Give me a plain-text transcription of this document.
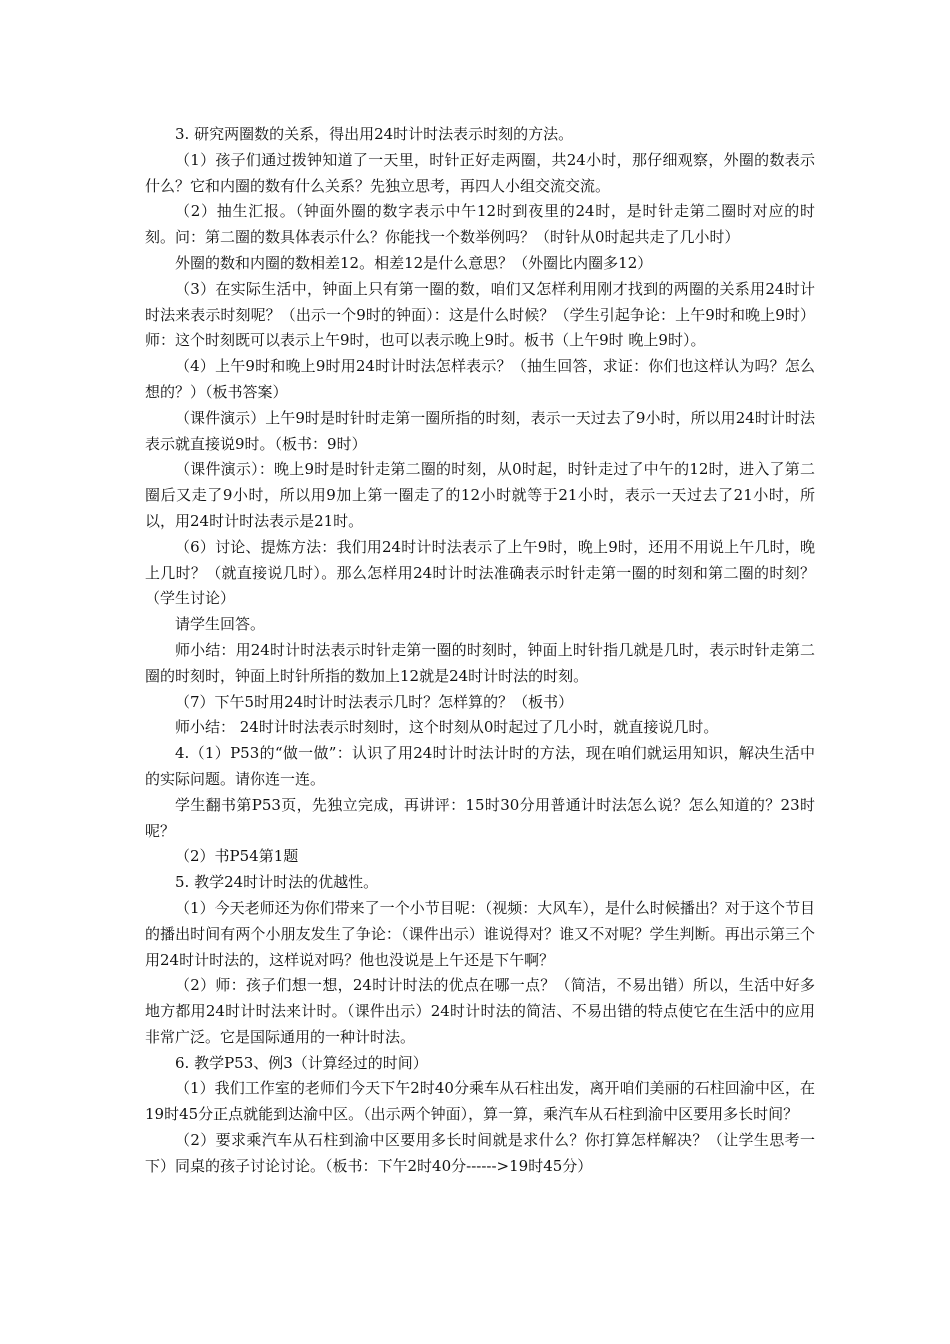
3. 研究两圈数的关系，得出用24时计时法表示时刻的方法。

（1）孩子们通过拨钟知道了一天里，时针正好走两圈，共24小时，那仔细观察，外圈的数表示什么？它和内圈的数有什么关系？先独立思考，再四人小组交流交流。

（2）抽生汇报。（钟面外圈的数字表示中午12时到夜里的24时，是时针走第二圈时对应的时刻。问：第二圈的数具体表示什么？你能找一个数举例吗？（时针从0时起共走了几小时）

外圈的数和内圈的数相差12。相差12是什么意思？（外圈比内圈多12）

（3）在实际生活中，钟面上只有第一圈的数，咱们又怎样利用刚才找到的两圈的关系用24时计时法来表示时刻呢？（出示一个9时的钟面）：这是什么时候？（学生引起争论：上午9时和晚上9时）师：这个时刻既可以表示上午9时，也可以表示晚上9时。板书（上午9时 晚上9时）。

（4）上午9时和晚上9时用24时计时法怎样表示？（抽生回答，求证：你们也这样认为吗？怎么想的？）（板书答案）

（课件演示）上午9时是时针时走第一圈所指的时刻，表示一天过去了9小时，所以用24时计时法表示就直接说9时。（板书：9时）

（课件演示）：晚上9时是时针走第二圈的时刻，从0时起，时针走过了中午的12时，进入了第二圈后又走了9小时，所以用9加上第一圈走了的12小时就等于21小时，表示一天过去了21小时，所以，用24时计时法表示是21时。

（6）讨论、提炼方法：我们用24时计时法表示了上午9时，晚上9时，还用不用说上午几时，晚上几时？（就直接说几时）。那么怎样用24时计时法准确表示时针走第一圈的时刻和第二圈的时刻？（学生讨论）

请学生回答。

师小结：用24时计时法表示时针走第一圈的时刻时，钟面上时针指几就是几时，表示时针走第二圈的时刻时，钟面上时针所指的数加上12就是24时计时法的时刻。

（7）下午5时用24时计时法表示几时？怎样算的？（板书）

师小结： 24时计时法表示时刻时，这个时刻从0时起过了几小时，就直接说几时。

4.（1）P53的“做一做”：认识了用24时计时法计时的方法，现在咱们就运用知识，解决生活中的实际问题。请你连一连。

学生翻书第P53页，先独立完成，再讲评：15时30分用普通计时法怎么说？怎么知道的？23时呢？

（2）书P54第1题

5. 教学24时计时法的优越性。

（1）今天老师还为你们带来了一个小节目呢：（视频：大风车），是什么时候播出？对于这个节目的播出时间有两个小朋友发生了争论：（课件出示）谁说得对？谁又不对呢？学生判断。再出示第三个用24时计时法的，这样说对吗？他也没说是上午还是下午啊？

（2）师：孩子们想一想，24时计时法的优点在哪一点？（简洁，不易出错）所以，生活中好多地方都用24时计时法来计时。（课件出示）24时计时法的简洁、不易出错的特点使它在生活中的应用非常广泛。它是国际通用的一种计时法。

6. 教学P53、例3（计算经过的时间）

（1）我们工作室的老师们今天下午2时40分乘车从石柱出发，离开咱们美丽的石柱回渝中区，在19时45分正点就能到达渝中区。（出示两个钟面），算一算，乘汽车从石柱到渝中区要用多长时间？

（2）要求乘汽车从石柱到渝中区要用多长时间就是求什么？你打算怎样解决？（让学生思考一下）同桌的孩子讨论讨论。（板书：下午2时40分------>19时45分）
